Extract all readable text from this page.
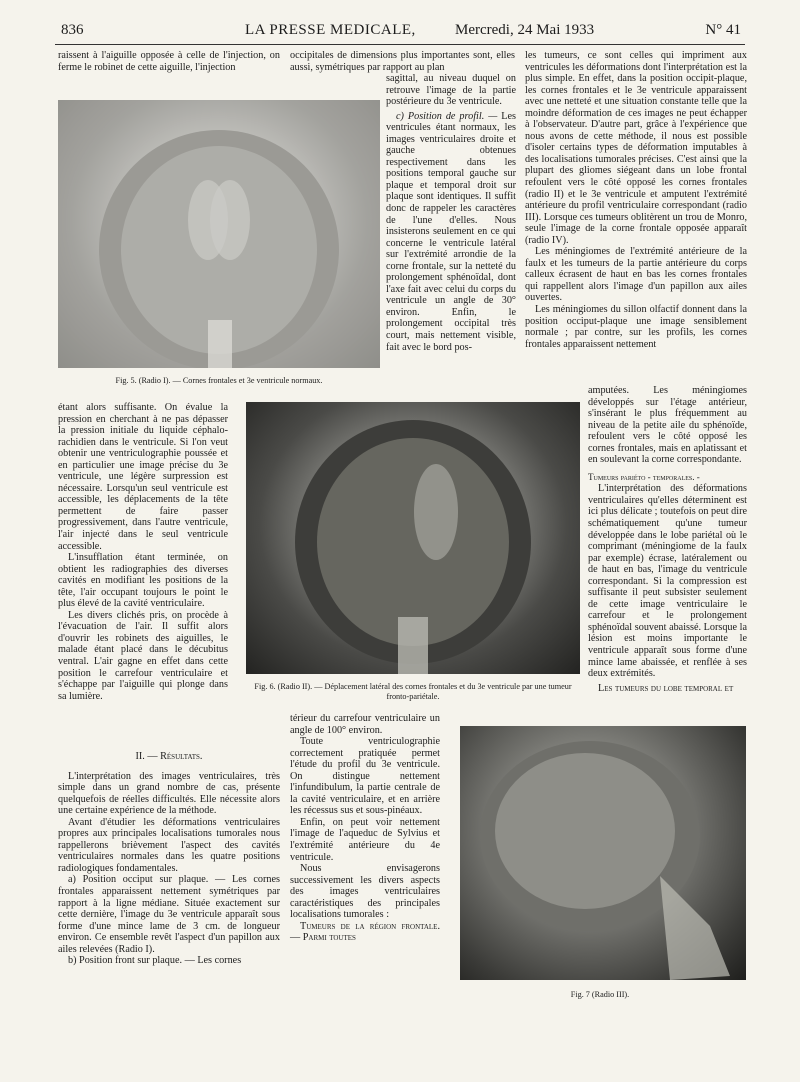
836	LA PRESSE MEDICALE,	Mercredi, 24 Mai 1933	N° 41

raissent à l'aiguille opposée à celle de l'injection, on ferme le robinet de cette aiguille, l'injection

occipitales de dimensions plus importantes sont, elles aussi, symétriques par rapport au plan

sagittal, au niveau duquel on retrouve l'image de la partie postérieure du 3e ventricule.

c) Position de profil. — Les ventricules étant normaux, les images ventriculaires droite et gauche obtenues respectivement dans les positions temporal gauche sur plaque et temporal droit sur plaque sont identiques. Il suffit donc de rappeler les caractères de l'une d'elles. Nous insisterons seulement en ce qui concerne le ventricule latéral sur l'extrémité arrondie de la corne frontale, sur la netteté du prolongement sphénoïdal, dont l'axe fait avec celui du corps du ventricule un angle de 30° environ. Enfin, le prolongement occipital très court, mais nettement visible, fait avec le bord pos-

les tumeurs, ce sont celles qui impriment aux ventricules les déformations dont l'interprétation est la plus simple. En effet, dans la position occipit-plaque, les cornes frontales et le 3e ventricule apparaissent avec une netteté et une situation constante telle que la moindre déformation de ces images ne peut échapper à l'observateur. D'autre part, grâce à l'expérience que nous avons de cette méthode, il nous est possible d'isoler certains types de déformation imputables à des localisations tumorales précises. C'est ainsi que la plupart des gliomes siégeant dans un lobe frontal refoulent vers le côté opposé les cornes frontales (radio II) et le 3e ventricule et amputent l'extrémité antérieure du profil ventriculaire correspondant (radio III). Lorsque ces tumeurs oblitèrent un trou de Monro, seule l'image de la corne frontale opposée apparaît (radio IV).

Les méningiomes de l'extrémité antérieure de la faulx et les tumeurs de la partie antérieure du corps calleux écrasent de haut en bas les cornes frontales qui rappellent alors l'image d'un papillon aux ailes ouvertes.

Les méningiomes du sillon olfactif donnent dans la position occiput-plaque une image sensiblement normale ; par contre, sur les profils, les cornes frontales apparaissent nettement

amputées. Les méningiomes développés sur l'étage antérieur, s'insérant le plus fréquemment au niveau de la petite aile du sphénoïde, refoulent vers le côté opposé les cornes frontales, mais en aplatissant et en soulevant la corne correspondante.

Tumeurs pariéto - temporales. -

L'interprétation des déformations ventriculaires qu'elles déterminent est ici plus délicate ; toutefois on peut dire schématiquement qu'une tumeur développée dans le lobe pariétal où le comprimant (méningiome de la faulx par exemple) écrase, latéralement ou de haut en bas, l'image du ventricule correspondant. Si la compression est suffisante il peut subsister seulement de cette image ventriculaire le carrefour et le prolongement sphénoïdal souvent abaissé. Lorsque la lésion est moins importante le ventricule apparaît sous forme d'une mince lame abaissée, et renflée à ses deux extrémités.

Les tumeurs du lobe temporal et

Fig. 5. (Radio I). — Cornes frontales et 3e ventricule normaux.

étant alors suffisante. On évalue la pression en cherchant à ne pas dépasser la pression initiale du liquide céphalo-rachidien dans le ventricule. Si l'on veut obtenir une ventriculographie poussée et en particulier une image précise du 3e ventricule, une légère surpression est nécessaire. Lorsqu'un seul ventricule est accessible, les déplacements de la tête permettent de faire passer progressivement, dans l'autre ventricule, l'air injecté dans le seul ventricule accessible.

L'insufflation étant terminée, on obtient les radiographies des diverses cavités en modifiant les positions de la tête, l'air occupant toujours le point le plus élevé de la cavité ventriculaire.

Les divers clichés pris, on procède à l'évacuation de l'air. Il suffit alors d'ouvrir les robinets des aiguilles, le malade étant placé dans le décubitus ventral. L'air gagne en effet dans cette position le carrefour ventriculaire et s'échappe par l'aiguille qui plonge dans sa lumière.

Fig. 6. (Radio II). — Déplacement latéral des cornes frontales et du 3e ventricule par une tumeur fronto-pariétale.

II. — Résultats.

L'interprétation des images ventriculaires, très simple dans un grand nombre de cas, présente quelquefois de réelles difficultés. Elle nécessite alors une certaine expérience de la méthode.

Avant d'étudier les déformations ventriculaires propres aux principales localisations tumorales nous rappellerons brièvement l'aspect des cavités ventriculaires normales dans les quatre positions radiologiques fondamentales.

a) Position occiput sur plaque. — Les cornes frontales apparaissent nettement symétriques par rapport à la ligne médiane. Située exactement sur cette dernière, l'image du 3e ventricule apparaît sous forme d'une mince lame de 3 cm. de longueur environ. Ce ensemble revêt l'aspect d'un papillon aux ailes relevées (Radio I).

b) Position front sur plaque. — Les cornes

térieur du carrefour ventriculaire un angle de 100° environ.

Toute ventriculographie correctement pratiquée permet l'étude du profil du 3e ventricule. On distingue nettement l'infundibulum, la partie centrale de la cavité ventriculaire, et en arrière les récessus sus et sous-pinéaux.

Enfin, on peut voir nettement l'image de l'aqueduc de Sylvius et l'extrémité antérieure du 4e ventricule.

Nous envisagerons successivement les divers aspects des images ventriculaires caractéristiques des principales localisations tumorales :

Tumeurs de la région frontale. — Parmi toutes

Fig. 7 (Radio III).
